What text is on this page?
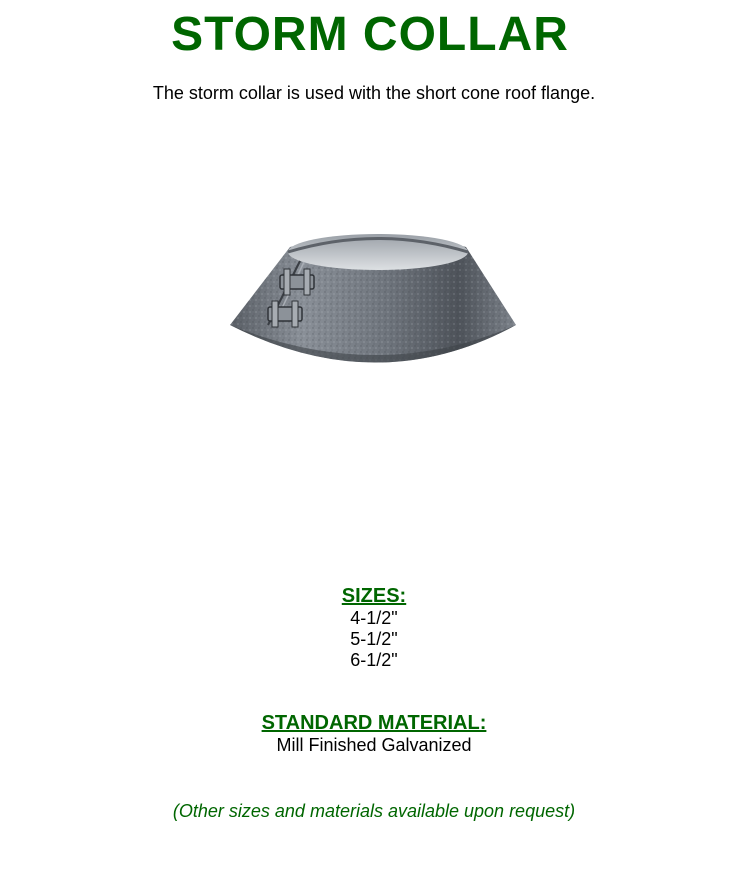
STORM COLLAR
The storm collar is used with the short cone roof flange.
SIZES:
4-1/2"
5-1/2"
6-1/2"
STANDARD MATERIAL:
Mill Finished Galvanized
(Other sizes and materials available upon request)
